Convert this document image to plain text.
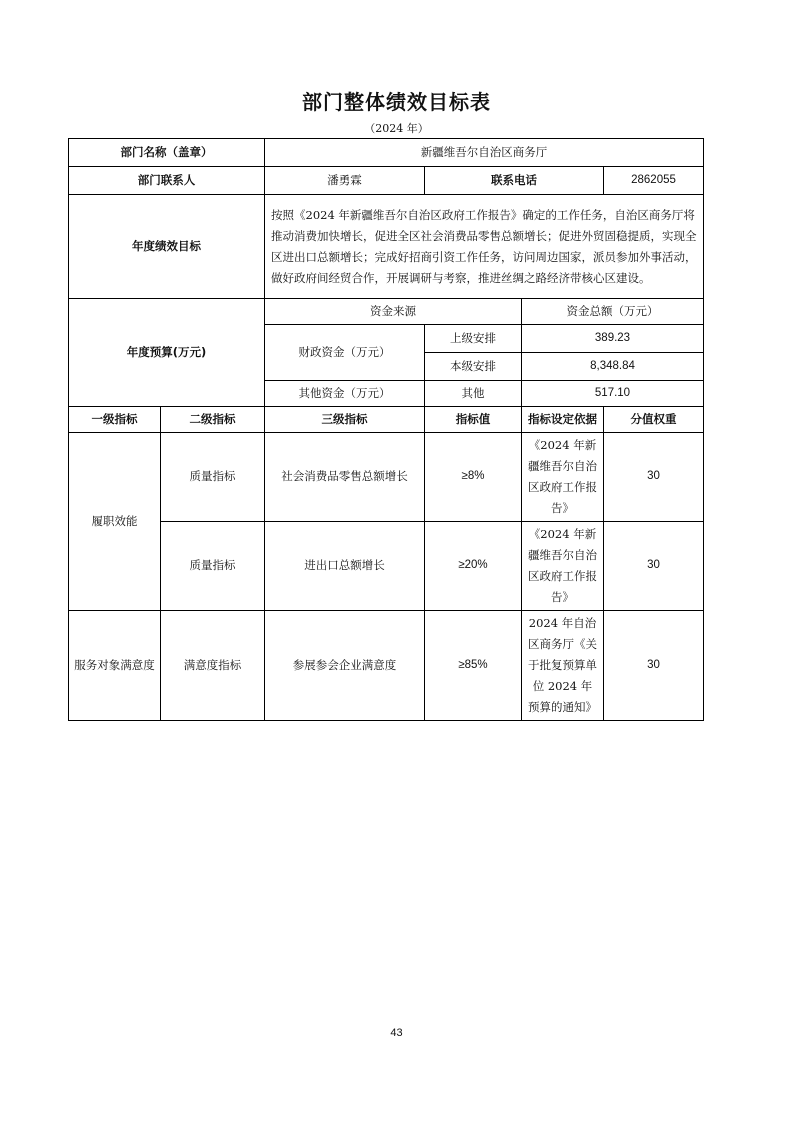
部门整体绩效目标表
（2024 年）
部门名称（盖章）		新疆维吾尔自治区商务厅			
部门联系人		潘勇霖	联系电话		2862055
年度绩效目标		按照《2024 年新疆维吾尔自治区政府工作报告》确定的工作任务，自治区商务厅将推动消费加快增长，促进全区社会消费品零售总额增长；促进外贸固稳提质，实现全区进出口总额增长；完成好招商引资工作任务，访问周边国家，派员参加外事活动，做好政府间经贸合作，开展调研与考察，推进丝绸之路经济带核心区建设。			
年度预算(万元)		资金来源		资金总额（万元）	
		财政资金（万元）	上级安排	389.23	
			本级安排	8,348.84	
		其他资金（万元）	其他	517.10	
一级指标	二级指标	三级指标	指标值	指标设定依据	分值权重
履职效能	质量指标	社会消费品零售总额增长	≥8%	《2024 年新疆维吾尔自治区政府工作报告》	30
	质量指标	进出口总额增长	≥20%	《2024 年新疆维吾尔自治区政府工作报告》	30
服务对象满意度	满意度指标	参展参会企业满意度	≥85%	2024 年自治区商务厅《关于批复预算单位 2024 年预算的通知》	30
43
